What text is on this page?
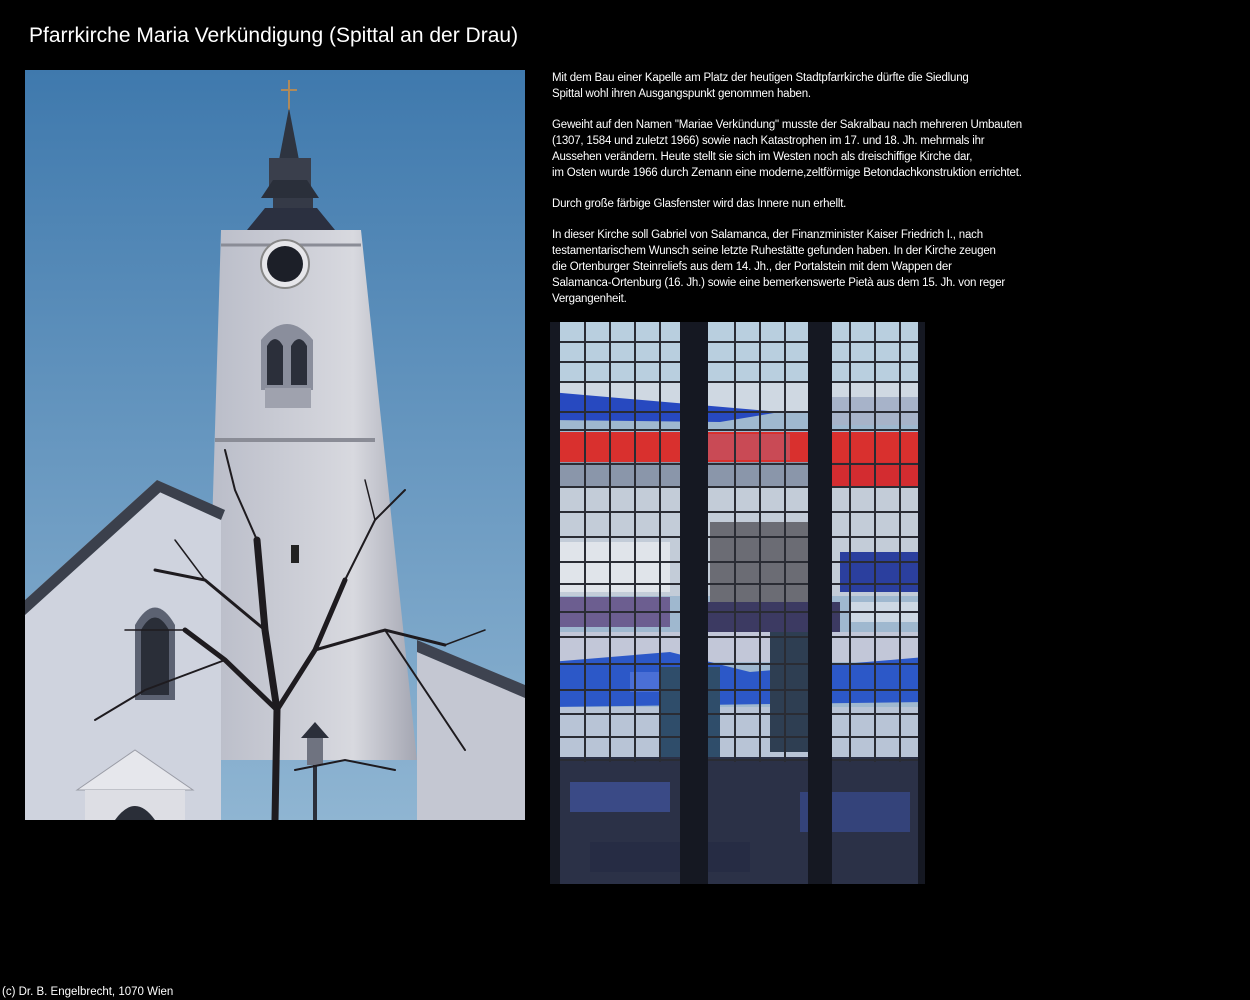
Pfarrkirche Maria Verkündigung (Spittal an der Drau)

Mit dem Bau einer Kapelle am Platz der heutigen Stadtpfarrkirche dürfte die Siedlung
Spittal wohl ihren Ausgangspunkt genommen haben.

Geweiht auf den Namen "Mariae Verkündung" musste der Sakralbau nach mehreren Umbauten
(1307, 1584 und zuletzt 1966) sowie nach Katastrophen im 17. und 18. Jh. mehrmals ihr
Aussehen verändern. Heute stellt sie sich im Westen noch als dreischiffige Kirche dar,
im Osten wurde 1966 durch Zemann eine moderne,zeltförmige Betondachkonstruktion errichtet.

Durch große färbige Glasfenster wird das Innere nun erhellt.

In dieser Kirche soll Gabriel von Salamanca, der Finanzminister Kaiser Friedrich I., nach
testamentarischem Wunsch seine letzte Ruhestätte gefunden haben. In der Kirche zeugen
die Ortenburger Steinreliefs aus dem 14. Jh., der Portalstein mit dem Wappen der
Salamanca-Ortenburg (16. Jh.) sowie eine bemerkenswerte Pietà aus dem 15. Jh. von reger
Vergangenheit.

(c) Dr. B. Engelbrecht, 1070 Wien
